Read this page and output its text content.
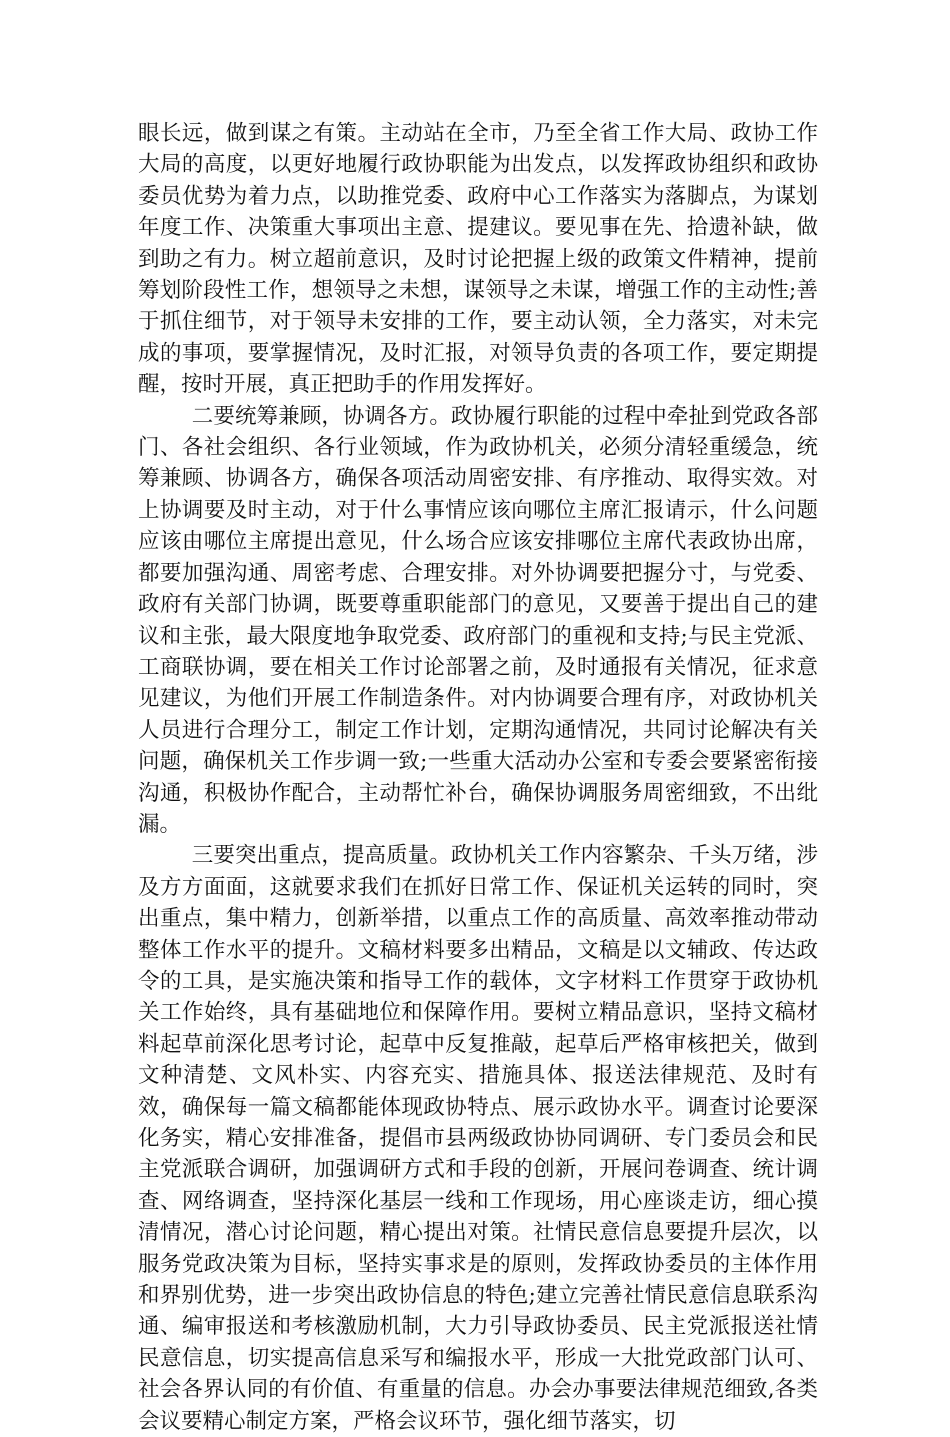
眼长远，做到谋之有策。主动站在全市，乃至全省工作大局、政协工作大局的高度，以更好地履行政协职能为出发点，以发挥政协组织和政协委员优势为着力点，以助推党委、政府中心工作落实为落脚点，为谋划年度工作、决策重大事项出主意、提建议。要见事在先、拾遗补缺，做到助之有力。树立超前意识，及时讨论把握上级的政策文件精神，提前筹划阶段性工作，想领导之未想，谋领导之未谋，增强工作的主动性;善于抓住细节，对于领导未安排的工作，要主动认领，全力落实，对未完成的事项，要掌握情况，及时汇报，对领导负责的各项工作，要定期提醒，按时开展，真正把助手的作用发挥好。

二要统筹兼顾，协调各方。政协履行职能的过程中牵扯到党政各部门、各社会组织、各行业领域，作为政协机关，必须分清轻重缓急，统筹兼顾、协调各方，确保各项活动周密安排、有序推动、取得实效。对上协调要及时主动，对于什么事情应该向哪位主席汇报请示，什么问题应该由哪位主席提出意见，什么场合应该安排哪位主席代表政协出席，都要加强沟通、周密考虑、合理安排。对外协调要把握分寸，与党委、政府有关部门协调，既要尊重职能部门的意见，又要善于提出自己的建议和主张，最大限度地争取党委、政府部门的重视和支持;与民主党派、工商联协调，要在相关工作讨论部署之前，及时通报有关情况，征求意见建议，为他们开展工作制造条件。对内协调要合理有序，对政协机关人员进行合理分工，制定工作计划，定期沟通情况，共同讨论解决有关问题，确保机关工作步调一致;一些重大活动办公室和专委会要紧密衔接沟通，积极协作配合，主动帮忙补台，确保协调服务周密细致，不出纰漏。

三要突出重点，提高质量。政协机关工作内容繁杂、千头万绪，涉及方方面面，这就要求我们在抓好日常工作、保证机关运转的同时，突出重点，集中精力，创新举措，以重点工作的高质量、高效率推动带动整体工作水平的提升。文稿材料要多出精品，文稿是以文辅政、传达政令的工具，是实施决策和指导工作的载体，文字材料工作贯穿于政协机关工作始终，具有基础地位和保障作用。要树立精品意识，坚持文稿材料起草前深化思考讨论，起草中反复推敲，起草后严格审核把关，做到文种清楚、文风朴实、内容充实、措施具体、报送法律规范、及时有效，确保每一篇文稿都能体现政协特点、展示政协水平。调查讨论要深化务实，精心安排准备，提倡市县两级政协协同调研、专门委员会和民主党派联合调研，加强调研方式和手段的创新，开展问卷调查、统计调查、网络调查，坚持深化基层一线和工作现场，用心座谈走访，细心摸清情况，潜心讨论问题，精心提出对策。社情民意信息要提升层次，以服务党政决策为目标，坚持实事求是的原则，发挥政协委员的主体作用和界别优势，进一步突出政协信息的特色;建立完善社情民意信息联系沟通、编审报送和考核激励机制，大力引导政协委员、民主党派报送社情民意信息，切实提高信息采写和编报水平，形成一大批党政部门认可、社会各界认同的有价值、有重量的信息。办会办事要法律规范细致,各类会议要精心制定方案，严格会议环节，强化细节落实，切
